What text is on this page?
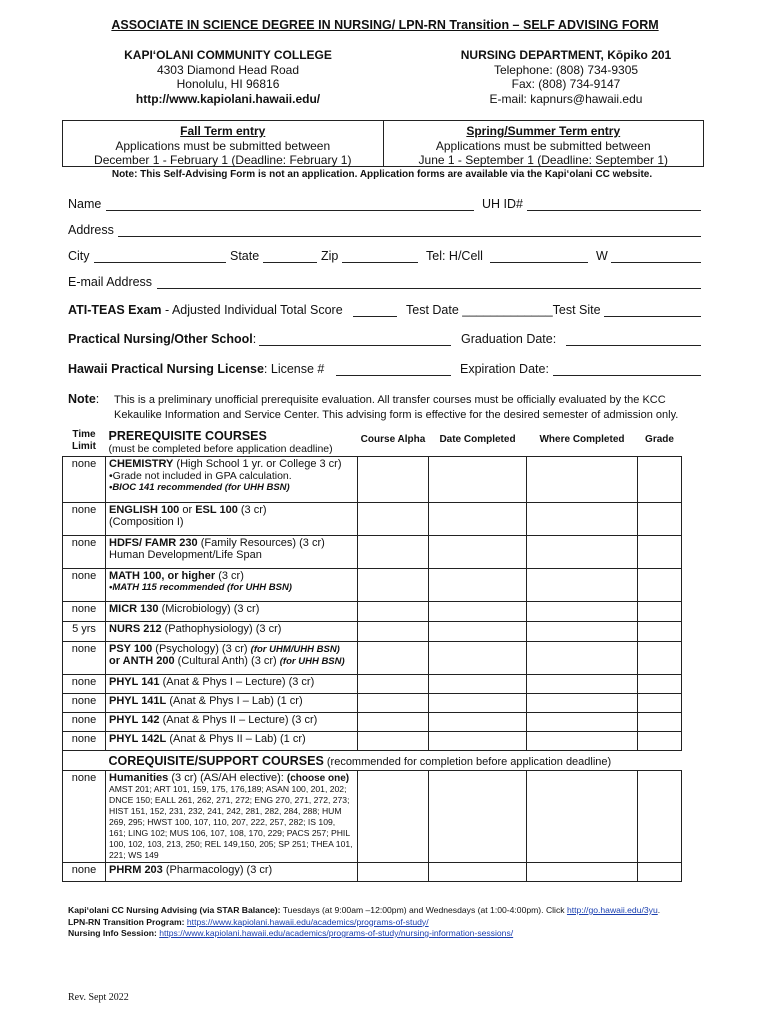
ASSOCIATE IN SCIENCE DEGREE IN NURSING/ LPN-RN Transition – SELF ADVISING FORM
KAPI‘OLANI COMMUNITY COLLEGE
4303 Diamond Head Road
Honolulu, HI 96816
http://www.kapiolani.hawaii.edu/
NURSING DEPARTMENT, Kōpiko 201
Telephone: (808) 734-9305
Fax: (808) 734-9147
E-mail: kapnurs@hawaii.edu
Fall Term entry
Applications must be submitted between
December 1 - February 1 (Deadline: February 1)
Spring/Summer Term entry
Applications must be submitted between
June 1 - September 1 (Deadline: September 1)
Note: This Self-Advising Form is not an application. Application forms are available via the Kapi‘olani CC website.
Name	UH ID#
Address
City	State	Zip	Tel: H/Cell	W
E-mail Address
ATI-TEAS Exam - Adjusted Individual Total Score	Test Date _____________Test Site
Practical Nursing/Other School:	Graduation Date:
Hawaii Practical Nursing License: License #	Expiration Date:
Note: This is a preliminary unofficial prerequisite evaluation. All transfer courses must be officially evaluated by the KCC Kekaulike Information and Service Center. This advising form is effective for the desired semester of admission only.
Time Limit	PREREQUISITE COURSES
(must be completed before application deadline)	Course Alpha	Date Completed	Where Completed	Grade
none	CHEMISTRY (High School 1 yr. or College 3 cr)
•Grade not included in GPA calculation.
•BIOC 141 recommended (for UHH BSN)				

none	ENGLISH 100 or ESL 100 (3 cr)
(Composition I)				

none	HDFS/ FAMR 230 (Family Resources) (3 cr)
Human Development/Life Span				

none	MATH 100, or higher (3 cr)
•MATH 115 recommended (for UHH BSN)				

none	MICR 130 (Microbiology) (3 cr)				
5 yrs	NURS 212 (Pathophysiology) (3 cr)				
none	PSY 100 (Psychology) (3 cr) (for UHM/UHH BSN)
or ANTH 200 (Cultural Anth) (3 cr) (for UHH BSN)				

none	PHYL 141 (Anat & Phys I – Lecture) (3 cr)				
none	PHYL 141L (Anat & Phys I – Lab) (1 cr)				
none	PHYL 142 (Anat & Phys II – Lecture) (3 cr)				
none	PHYL 142L (Anat & Phys II – Lab) (1 cr)				
	COREQUISITE/SUPPORT COURSES (recommended for completion before application deadline)				
none	Humanities (3 cr) (AS/AH elective): (choose one)
AMST 201; ART 101, 159, 175, 176,189; ASAN 100, 201, 202; DNCE 150; EALL 261, 262, 271, 272; ENG 270, 271, 272, 273; HIST 151, 152, 231, 232, 241, 242, 281, 282, 284, 288; HUM 269, 295; HWST 100, 107, 110, 207, 222, 257, 282; IS 109, 161; LING 102; MUS 106, 107, 108, 170, 229; PACS 257; PHIL 100, 102, 103, 213, 250; REL 149,150, 205; SP 251; THEA 101, 221; WS 149				

none	PHRM 203 (Pharmacology) (3 cr)				
Kapi‘olani CC Nursing Advising (via STAR Balance): Tuesdays (at 9:00am –12:00pm) and Wednesdays (at 1:00-4:00pm). Click http://go.hawaii.edu/3yu.
LPN-RN Transition Program: https://www.kapiolani.hawaii.edu/academics/programs-of-study/
Nursing Info Session: https://www.kapiolani.hawaii.edu/academics/programs-of-study/nursing-information-sessions/
Rev. Sept 2022
